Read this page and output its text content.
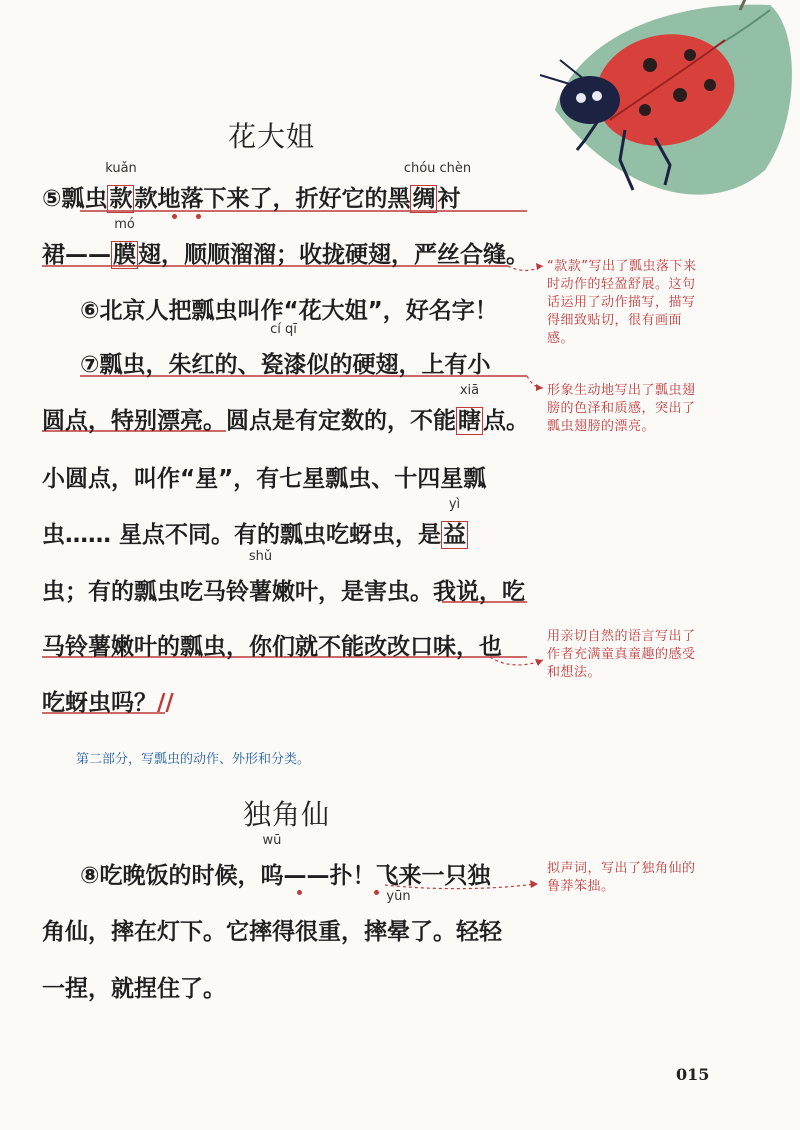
花大姐
⑤瓢虫
kuǎn
款款地落下来了，折好它的黑
chóu chèn
绸衬
裙——
mó
膜翅，顺顺溜溜；收拢硬翅，严丝合缝。
⑥北京人把瓢虫叫作“花大姐”，好名字！
⑦瓢虫，朱红的、
cí qī
瓷漆似的硬翅，上有小
圆点，特别漂亮。圆点是有定数的，不能
xiā
瞎点。
小圆点，叫作“星”，有七星瓢虫、十四星瓢
虫…… 星点不同。有的瓢虫吃蚜虫，是
yì
益
虫；有的瓢虫吃马铃
shǔ
薯嫩叶，是害虫。我说，吃
马铃薯嫩叶的瓢虫，你们就不能改改口味，也
吃蚜虫吗？//
“款款”写出了瓢虫落下来时动作的轻盈舒展。这句话运用了动作描写，描写得细致贴切，很有画面感。
形象生动地写出了瓢虫翅膀的色泽和质感，突出了瓢虫翅膀的漂亮。
用亲切自然的语言写出了作者充满童真童趣的感受和想法。
拟声词，写出了独角仙的鲁莽笨拙。
第二部分，写瓢虫的动作、外形和分类。
独角仙
⑧吃晚饭的时候，
wū
呜——扑！飞来一只独
角仙，摔在灯下。它摔得很重，摔
yūn
晕了。轻轻
一捏，就捏住了。
015
